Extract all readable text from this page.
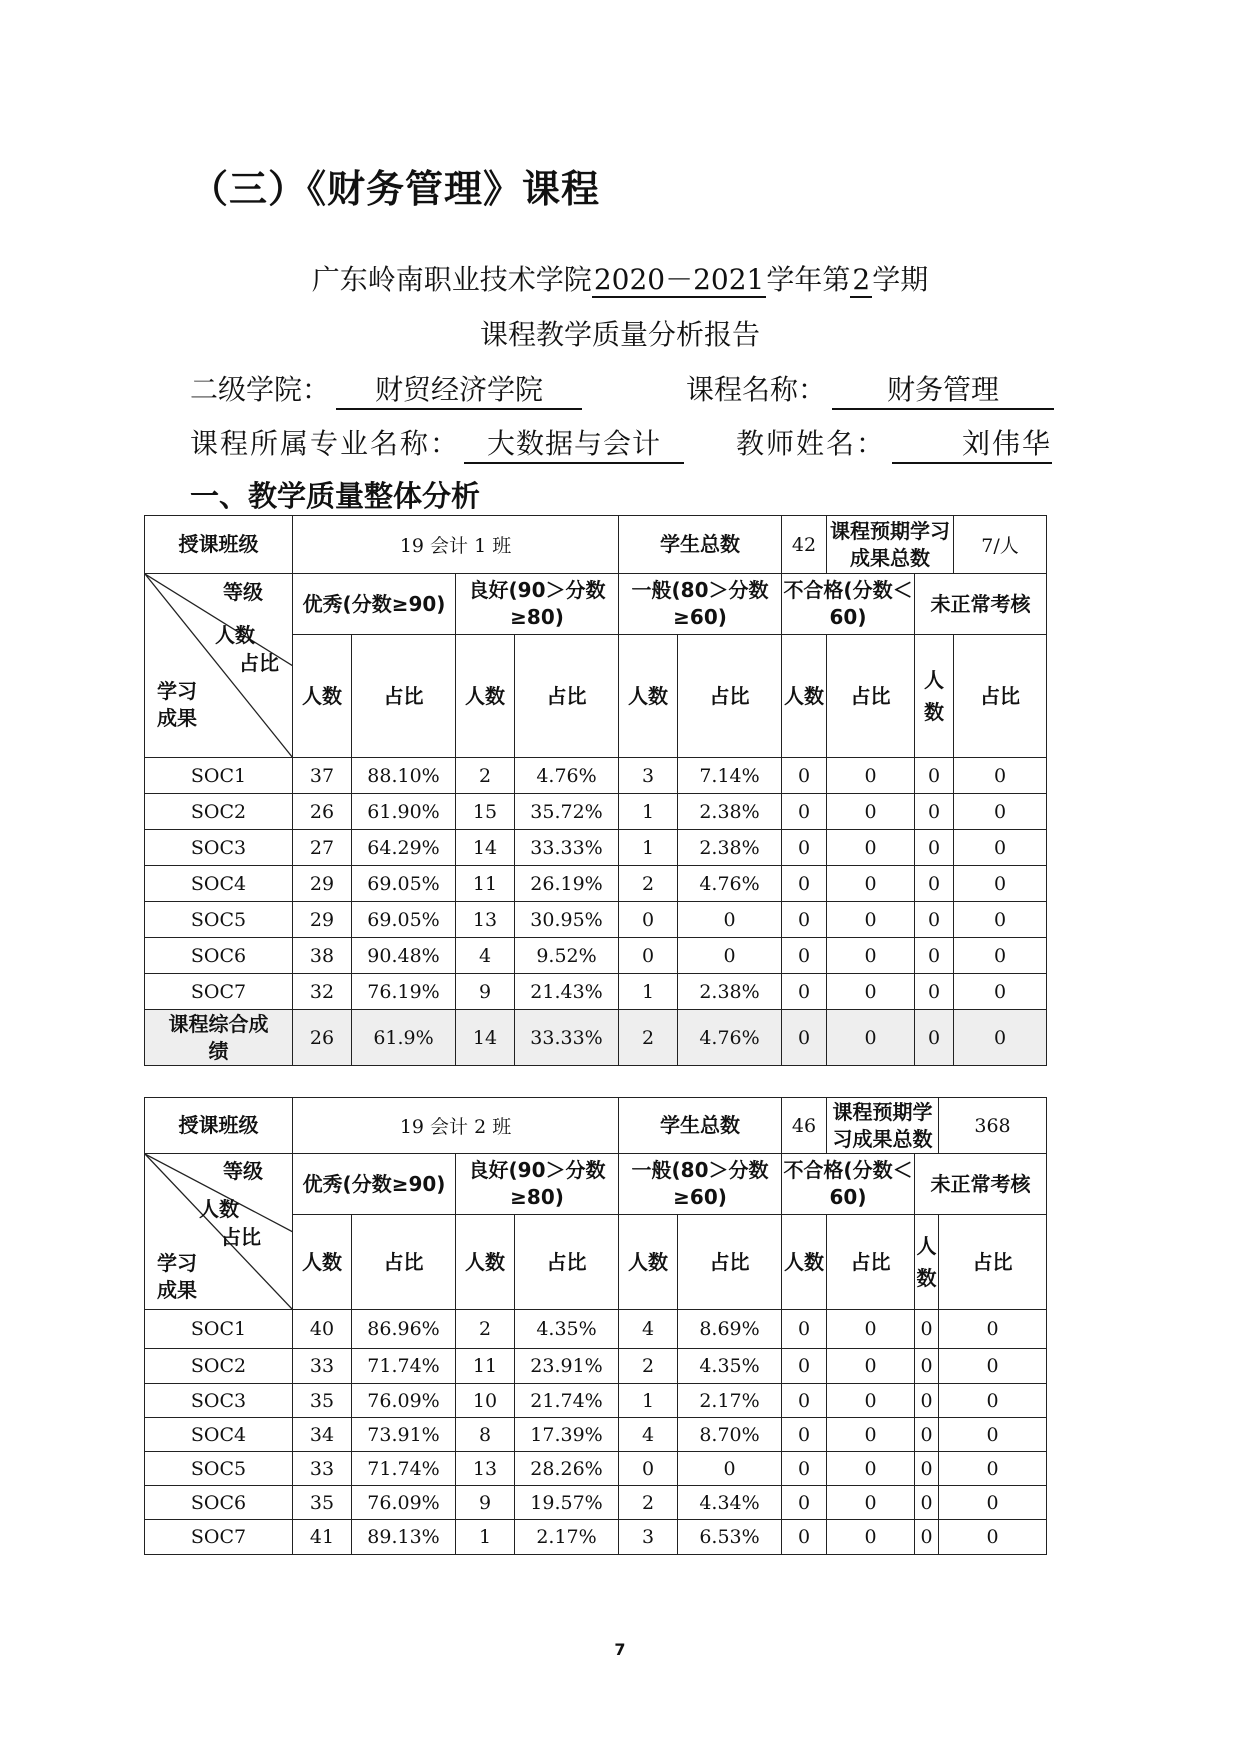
（三）《财务管理》课程
广东岭南职业技术学院2020－2021学年第2学期
课程教学质量分析报告
二级学院： 财贸经济学院	课程名称： 财务管理
课程所属专业名称： 大数据与会计	教师姓名：	刘伟华
一、教学质量整体分析
授课班级	19 会计 1 班				学生总数		42	课程预期学习成果总数		7/人

等级
人数
占比
学习成果	优秀(分数≥90)		良好(90＞分数≥80)		一般(80＞分数≥60)		不合格(分数＜60)		未正常考核	
	人数	占比	人数	占比	人数	占比	人数	占比	人数	占比
SOC1	37	88.10%	2	4.76%	3	7.14%	0	0	0	0
SOC2	26	61.90%	15	35.72%	1	2.38%	0	0	0	0
SOC3	27	64.29%	14	33.33%	1	2.38%	0	0	0	0
SOC4	29	69.05%	11	26.19%	2	4.76%	0	0	0	0
SOC5	29	69.05%	13	30.95%	0	0	0	0	0	0
SOC6	38	90.48%	4	9.52%	0	0	0	0	0	0
SOC7	32	76.19%	9	21.43%	1	2.38%	0	0	0	0
课程综合成绩	26	61.9%	14	33.33%	2	4.76%	0	0	0	0
授课班级	19 会计 2 班				学生总数		46	课程预期学习成果总数		368

等级
人数
占比
学习成果	优秀(分数≥90)		良好(90＞分数≥80)		一般(80＞分数≥60)		不合格(分数＜60)		未正常考核	
	人数	占比	人数	占比	人数	占比	人数	占比	人数	占比
SOC1	40	86.96%	2	4.35%	4	8.69%	0	0	0	0
SOC2	33	71.74%	11	23.91%	2	4.35%	0	0	0	0
SOC3	35	76.09%	10	21.74%	1	2.17%	0	0	0	0
SOC4	34	73.91%	8	17.39%	4	8.70%	0	0	0	0
SOC5	33	71.74%	13	28.26%	0	0	0	0	0	0
SOC6	35	76.09%	9	19.57%	2	4.34%	0	0	0	0
SOC7	41	89.13%	1	2.17%	3	6.53%	0	0	0	0
7
